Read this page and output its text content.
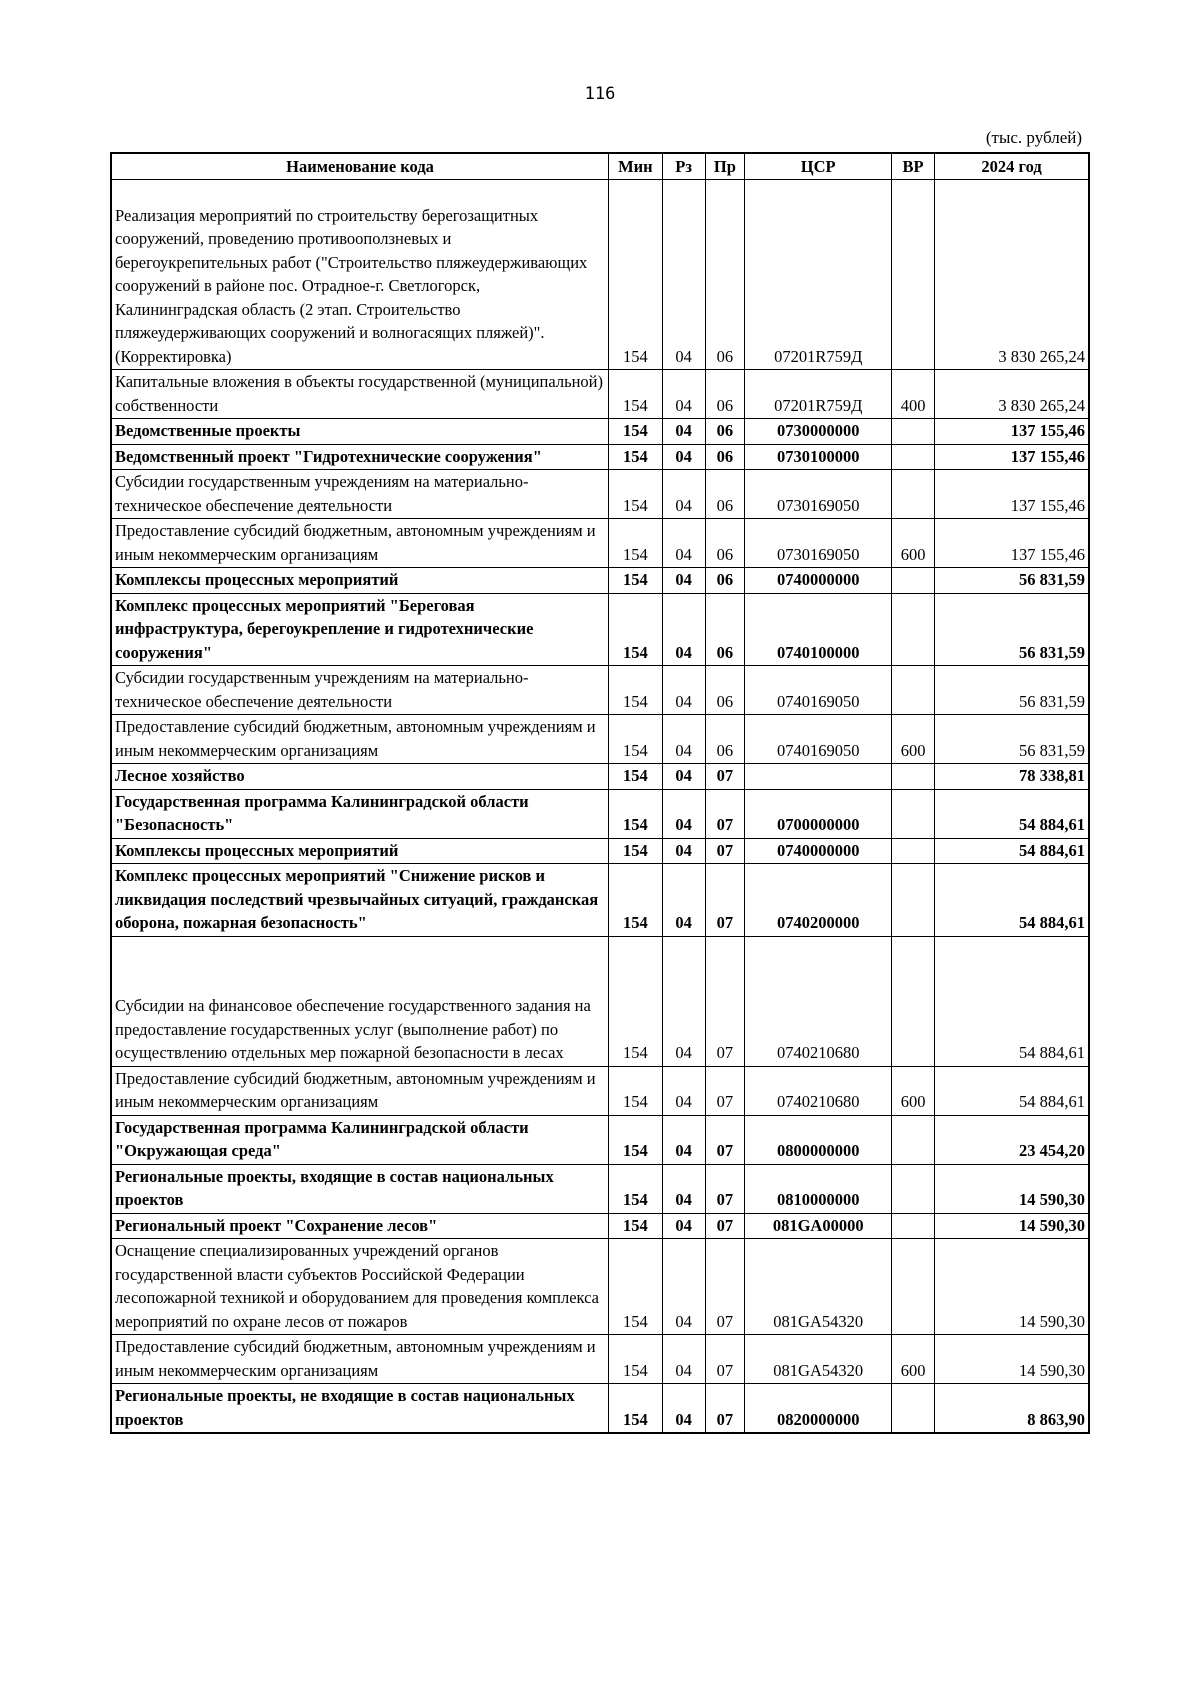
116
(тыс. рублей)
Наименование кода	Мин	Рз	Пр	ЦСР	ВР	2024 год
Реализация мероприятий по строительству берегозащитных сооружений, проведению противооползневых и берегоукрепительных работ ("Строительство пляжеудерживающих сооружений в районе пос. Отрадное-г. Светлогорск, Калининградская область (2 этап. Строительство пляжеудерживающих сооружений и волногасящих пляжей)". (Корректировка)	154	04	06	07201R759Д		3 830 265,24
Капитальные вложения в объекты государственной (муниципальной) собственности	154	04	06	07201R759Д	400	3 830 265,24
Ведомственные проекты	154	04	06	0730000000		137 155,46
Ведомственный проект "Гидротехнические сооружения"	154	04	06	0730100000		137 155,46
Субсидии государственным учреждениям на материально-техническое обеспечение деятельности	154	04	06	0730169050		137 155,46
Предоставление субсидий бюджетным, автономным учреждениям и иным некоммерческим организациям	154	04	06	0730169050	600	137 155,46
Комплексы процессных мероприятий	154	04	06	0740000000		56 831,59
Комплекс процессных мероприятий "Береговая инфраструктура, берегоукрепление и гидротехнические сооружения"	154	04	06	0740100000		56 831,59
Субсидии государственным учреждениям на материально-техническое обеспечение деятельности	154	04	06	0740169050		56 831,59
Предоставление субсидий бюджетным, автономным учреждениям и иным некоммерческим организациям	154	04	06	0740169050	600	56 831,59
Лесное хозяйство	154	04	07			78 338,81
Государственная программа Калининградской области "Безопасность"	154	04	07	0700000000		54 884,61
Комплексы процессных мероприятий	154	04	07	0740000000		54 884,61
Комплекс процессных мероприятий "Снижение рисков и ликвидация последствий чрезвычайных ситуаций, гражданская оборона, пожарная безопасность"	154	04	07	0740200000		54 884,61
Субсидии на финансовое обеспечение государственного задания на предоставление государственных услуг (выполнение работ) по осуществлению отдельных мер пожарной безопасности в лесах	154	04	07	0740210680		54 884,61
Предоставление субсидий бюджетным, автономным учреждениям и иным некоммерческим организациям	154	04	07	0740210680	600	54 884,61
Государственная программа Калининградской области "Окружающая среда"	154	04	07	0800000000		23 454,20
Региональные проекты, входящие в состав национальных проектов	154	04	07	0810000000		14 590,30
Региональный проект "Сохранение лесов"	154	04	07	081GA00000		14 590,30
Оснащение специализированных учреждений органов государственной власти субъектов Российской Федерации лесопожарной техникой и оборудованием для проведения комплекса мероприятий по охране лесов от пожаров	154	04	07	081GA54320		14 590,30
Предоставление субсидий бюджетным, автономным учреждениям и иным некоммерческим организациям	154	04	07	081GA54320	600	14 590,30
Региональные проекты, не входящие в состав национальных проектов	154	04	07	0820000000		8 863,90
